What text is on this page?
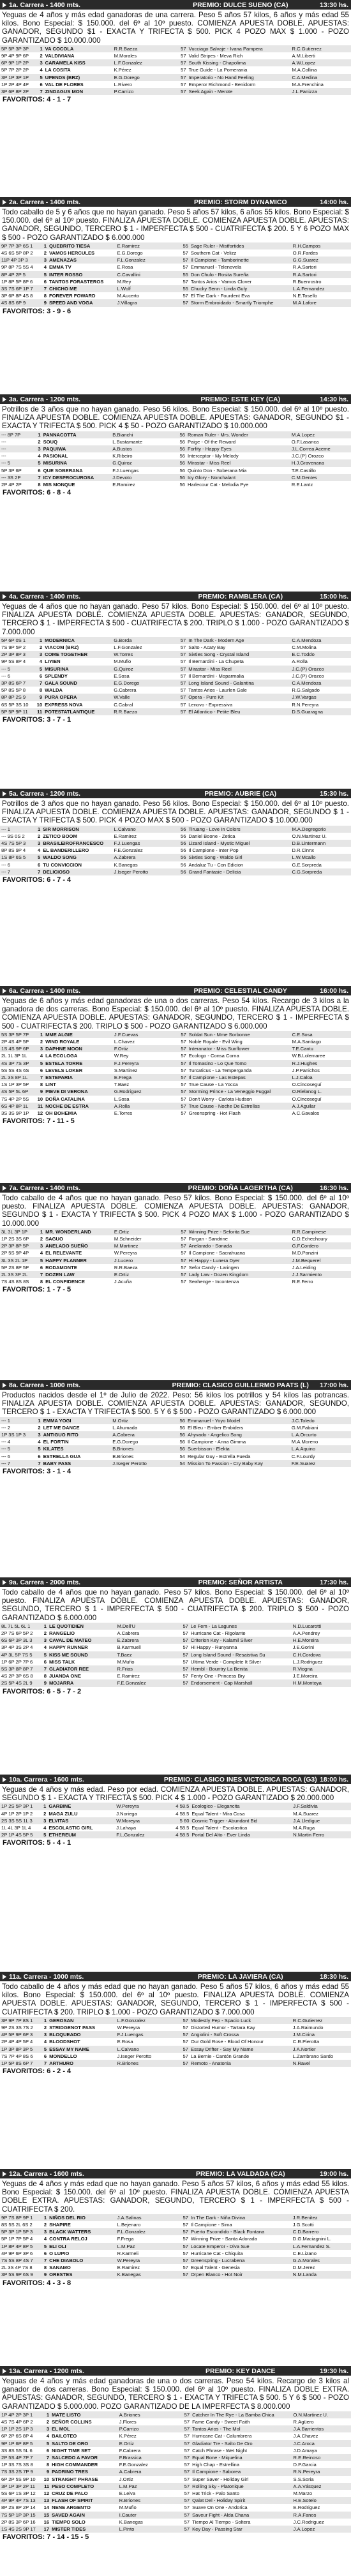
1a. Carrera - 1400 mts.	PREMIO: DULCE SUENO (CA)	13:30 hs.
Yeguas de 4 años y más edad ganadoras de una carrera. Peso 5 años 57 kilos, 6 años y más edad 55 kilos. Bono Especial: $ 150.000. del 6º al 10º puesto. COMIENZA APUESTA DOBLE. APUESTAS: GANADOR, SEGUNDO $1 - EXACTA Y TRIFECTA $ 500. PICK 4 POZO MAX $ 1.000 - POZO GARANTIZADO $ 10.000.000
5P 5P 3P 3P	1	VA COCOLA	R.R.Baeza	57	Vucciago Salvaje - Ivana Pampera	R.C.Gutierrez
9P 4P 9P 6P	2	VALDIVIANA	M.Morales	57	Valid Stripes - Meva Rich	A.M.Liberti
6P 9P 1P 2P	3	CARAMELA KISS	L.F.Gonzalez	57	South Kissing - Chapolima	A.W.Lopez
5P 7P 2P 2P	4	LA COSITA	K.Pérez	57	True Guide - La Pomerania	M.A.Collina
3P 1P 3P 1P	5	UPENDS (BRZ)	E.G.Dorego	57	Imperatorio - No Hand Feeling	C.A.Medina
1P 2P 4P 4P	6	VAL DE FLORES	L.Rivero	57	Emperor Richmond - Benidorm	M.A.Frenchina
3P 6P 8P 2P	7	ZINDAGUS MON	P.Carrizo	57	Seek Again - Merote	J.L.Panizza
FAVORITOS: 4 - 1 - 7
2a. Carrera - 1400 mts.	PREMIO: STORM DYNAMICO	14:00 hs.
Todo caballo de 5 y 6 años que no hayan ganado. Peso 5 años 57 kilos, 6 años 55 kilos. Bono Especial: $ 150.000. del 6º al 10º puesto. FINALIZA APUESTA DOBLE. COMIENZA APUESTA DOBLE. APUESTAS: GANADOR, SEGUNDO, TERCERO $ 1 - IMPERFECTA $ 500 - CUATRIFECTA $ 200. 5 Y 6 POZO MAX $ 500 - POZO GARANTIZADO $ 6.000.000
9P 7P 3P 6S 1	1	QUEBRITO TIESA	E.Ramirez	55	Sage Ruler - Mistfortides	R.H.Campos
4S 6S 5P 8P 2	2	VAMOS HERCULES	E.G.Dorego	57	Southern Cat - Velizz	O.R.Fardes
11P 4P 3P 3	3	AMENAZAS	F.L.Gonzalez	57	Il Campione - Tamborinette	G.G.Suarez
9P 8P 7S 5S 4	4	EMMA TV	E.Rosa	57	Emmanuel - Telenovela	R.A.Sartori
8P 4P 2P 5	5	INTER ROSSO	C.Cavallini	55	Don Chulo - Rosita Sureña	R.A.Sartori
1P 8P 5P 8P 6	6	TANTOS FORASTEROS	M.Rey	57	Tantos Arios - Vamos Clover	R.Buenrostro
3S 7S 6P 1P 7	7	CHICHO ME	L.Wolf	55	Chucky Senn - Linda Guly	L.A.Fernandez
3P 6P 8P 4S 8	8	FOREVER FOWARD	M.Aucerto	57	El The Dark - Fourdent Eva	N.E.Tosello
4S 8S 6P 9	9	SPEED AND VOGA	J.Villagra	57	Storm Embroidado - Smartly Triomphe	M.A.Lafore
FAVORITOS: 3 - 9 - 6
3a. Carrera - 1200 mts.	PREMIO: ESTE KEY (CA)	14:30 hs.
Potrillos de 3 años que no hayan ganado. Peso 56 kilos. Bono Especial: $ 150.000. del 6º al 10º puesto. FINALIZA APUESTA DOBLE. COMIENZA APUESTA DOBLE. APUESTAS: GANADOR, SEGUNDO $1 - EXACTA Y TRIFECTA $ 500. PICK 4 $ 50 - POZO GARANTIZADO $ 10.000.000
--- 8P 7P	1	PANNACOTTA	B.Bianchi	56	Roman Ruler - Mrs. Wonder	M.A.Lopez
---	2	SOUQ	L.Bustamante	56	Paige - Of the Reward	O.F.Lasanca
---	3	PAQUIWA	A.Bustos	56	Forfity - Happy Eyes	J.L.Correa Aceme
---	4	PASIONAL	K.Ribeiro	56	Interceptor - My Melody	J.C.(P) Orozco
--- 5	5	MISURINA	G.Quiroz	56	Mirastar - Miss Reel	H.J.Gravenana
5P 3P 6P	6	QUE SOBERANA	F.J.Luengas	56	Quinto Don - Soberana Mia	T.E.Castillo
--- 3S 2P	7	ICY DESPROCUROSA	J.Devoto	56	Icy Glory - Nonchalant	C.M.Dentes
2P 4P 2P	8	MIS MONQUE	E.Ramirez	56	Harlecour Cat - Melodia Pye	R.E.Lantz
FAVORITOS: 6 - 8 - 4
4a. Carrera - 1400 mts.	PREMIO: RAMBLERA (CA)	15:00 hs.
Yeguas de 4 años que no hayan ganado. Peso 57 kilos. Bono Especial: $ 150.000. del 6º al 10º puesto. FINALIZA APUESTA DOBLE. COMIENZA APUESTA DOBLE. APUESTAS: GANADOR, SEGUNDO, TERCERO $ 1 - IMPERFECTA $ 500 - CUATRIFECTA $ 200. TRIPLO $ 1.000 - POZO GARANTIZADO $ 7.000.000
5P 6P 0S 1	1	MODERNICA	G.Borda	57	In The Dark - Modern Age	C.A.Mendoza
7S 9P 5P 2	2	VIACOM (BRZ)	L.F.Gonzalez	57	Salto - Acaty Bay	C.M.Molina
2P 3P 8P 3	3	COME TOGETHER	W.Torres	57	Sixties Song - Crystal Island	E.C.Toddo
9P 5S 8P 4	4	LIYIEN	M.Mufio	57	Il Bernardini - La Chupeta	A.Rolla
--- 5	5	MISURINA	G.Quiroz	57	Mirastar - Miss Reel	J.C.(P) Orozco
--- 6	6	SPLENDY	E.Sosa	57	Il Bernardini - Moparmalia	J.C.(P) Orozco
3P 8S 6P 7	7	GALA SOUND	E.G.Dorego	57	Long Island Sound - Galantina	C.A.Mendoza
5P 8S 5P 8	8	WALDA	G.Cabrera	57	Tantos Arios - Laurlen Gale	R.G.Salgado
8P 8P 2S 9	9	PURA OPERA	W.Valle	57	Opera - Pure Kit	J.W.Vargas
6S 5P 3S 10	10	EXPRESS NOVA	C.Cabral	57	Lenovo - Expressiva	R.N.Pereyra
5P 5P 9P 11	11	POTESTATLANTIQUE	R.R.Baeza	57	El Atlantico - Petite Bleu	D.S.Guaragna
FAVORITOS: 3 - 7 - 1
5a. Carrera - 1200 mts.	PREMIO: AUBRIE (CA)	15:30 hs.
Potrillos de 3 años que no hayan ganado. Peso 56 kilos. Bono Especial: $ 150.000. del 6º al 10º puesto. FINALIZA APUESTA DOBLE. COMIENZA APUESTA DOBLE. APUESTAS: GANADOR, SEGUNDO $ 1 - EXACTA Y TRIFECTA $ 500. PICK 4 POZO MAX $ 500 - POZO GARANTIZADO $ 10.000.000
--- 1	1	SIR MORRISON	L.Calvano	56	Tiruang - Love In Colors	M.A.Degregorio
--- 9S 0S 2	2	ZETICO BOOM	E.Ramirez	56	Daniel Boone - Zetica	O.N.Martinez U.
4S 7S 5P 3	3	BRASILEIROFRANCESCO	F.J.Luengas	56	Lizard Island - Mystic Miguel	D.B.Lintermann
8P 8S 9P 4	4	EL BANDERILLERO	F.E.Gonzalez	56	Il Campione - Inter Pop	D.R.Cinnx
1S 8P 6S 5	5	WALDO SONG	A.Zabrera	56	Sixties Song - Waldo Girl	L.W.Mcallo
--- 6	6	TU CONVICCION	K.Banegas	56	Andaluz Tu - Con Edicion	G.E.Sorpreda
--- 7	7	DELICIOSO	J.Iseger Perotto	56	Grand Fantasie - Delicia	C.G.Sorpreda
FAVORITOS: 6 - 7 - 4
6a. Carrera - 1400 mts.	PREMIO: CELESTIAL CANDY	16:00 hs.
Yeguas de 6 años y más edad ganadoras de una o dos carreras. Peso 54 kilos. Recargo de 3 kilos a la ganadora de dos carreras. Bono Especial: $ 150.000. del 6º al 10º puesto. FINALIZA APUESTA DOBLE. COMIENZA APUESTA DOBLE. APUESTAS: GANADOR, SEGUNDO, TERCERO $ 1 - IMPERFECTA $ 500 - CUATRIFECTA $ 200. TRIPLO $ 500 - POZO GARANTIZADO $ 6.000.000
5S 3P 5P 7P	1	MME ALGIE	J.F.Cuevas	57	Soldat Sun - Mme Sorbonne	C.E.Sosa
2P 4S 4P 5P	2	WIND ROYALE	L.Chavez	57	Noble Royale - Evil Wing	M.A.Santiago
1S 4S 9P 6P	3	DAPHNE MOON	F.Ortiz	57	Interanator - Miss Sunflower	T.E.Cantu
2L 1L 3P 1L	4	LA ECOLOGA	W.Rey	57	Ecologo - Consa Corna	W.B.Lolemaree
4S 3P 7S 3P	5	ESTELA TORRE	F.J.Pereyra	57	Il Tomasino - Lo Que Tomo	R.J.Hughes
5S 5S 4S 6S	6	LEVELS LOKER	S.Martinez	57	Turcaticus - La Temperganda	J.P.Panichos
2L 3S 8P 1L	7	ESTEPARIA	E.Frega	57	Il Campione - Las Estepas	L.J.Caloa
1S 1P 3P 5P	8	LINT	T.Baez	57	True Cause - La Yocca	O.Cincoseguí
4S 5P 5L 6P	9	PIEVE DI VERONA	G.Rodriguez	57	Storming Prince - La Veneggio Fuggal	O.Rielanog L.
7S 4P 2P 5S	10	DOÑA CATALINA	L.Sosa	57	Don't Worry - Carlota Hudson	O.Cincoseguí
6S 4P 8P 1L	11	NOCHE DE ESTRA	A.Rolla	57	True Cause - Noche De Estrellas	A.J.Aguilar
3S 3S 9P 1P	12	OH BOHEMIA	E.Torres	57	Greenspring - Hot Flash	A.C.Gavalos
FAVORITOS: 7 - 11 - 5
7a. Carrera - 1400 mts.	PREMIO: DOÑA LAGERTHA (CA)	16:30 hs.
Todo caballo de 4 años que no hayan ganado. Peso 57 kilos. Bono Especial: $ 150.000. del 6º al 10º puesto. FINALIZA APUESTA DOBLE. COMIENZA APUESTA DOBLE. APUESTAS: GANADOR, SEGUNDO $ 1 - EXACTA Y TRIFECTA $ 500. PICK 4 POZO MAX $ 1.000 - POZO GARANTIZADO $ 10.000.000
3L 3L 3P 1P	1	MR. WONDERLAND	E.Ortiz	57	Winning Prize - Seforita Sue	R.R.Campinese
1P 2S 3S 6P	2	SAGUO	M.Schneider	57	Forgan - Sandrine	C.D.Echechoury
2P 3P 8P 5P	3	ANELADO SUEÑO	M.Martinez	57	Anelarado - Sonada	G.F.Cordero
2P 5S 9P 4P	4	EL RELEVANTE	W.Pereyra	57	Il Campione - Sacrahuana	M.D.Panzini
3L 3S 2L 1P	5	HAPPY PLANNER	J.Lucero	57	Hi Happy - Lunera Dyer	J.M.Bequerel
5P 2S 8P 5P	6	RODAMONTE	R.R.Baeza	57	Sefor Candy - Laringen	J.A.Leiding
2L 3S 3P 2L	7	DOZEN LAW	E.Ortiz	57	Lady Law - Dozen Kingdom	J.J.Sarmiento
7S 4S 8S 8S	8	EL CONFIDENCE	J.Acuña	57	Seahenge - Incontenza	R.E.Ferro
FAVORITOS: 1 - 7 - 5
8a. Carrera - 1000 mts.	PREMIO: CLASICO GUILLERMO PAATS (L)	17:00 hs.
Productos nacidos desde el 1º de Julio de 2022. Peso: 56 kilos los potrillos y 54 kilos las potrancas. FINALIZA APUESTA DOBLE. COMIENZA APUESTA DOBLE. APUESTAS: GANADOR, SEGUNDO, TERCERO $ 1 - EXACTA Y TRIFECTA $ 500. 5 Y 6 $ 500 - POZO GARANTIZADO $ 6.000.000
--- 1	1	EMMA YOGI	M.Ortiz	56	Emmanuel - Yoyo Model	J.C.Toledo
--- 2	2	LET ME DANCE	L.Ahumada	56	El Bleu - Ember Embiders	G.M.Fabiani
1P 3S 1P 3	3	ANTIGUO RITO	A.Cabrera	56	Ahyvado - Angelico Song	L.A.Orcurto
--- 4	4	EL FORTIN	E.G.Dorego	56	Il Campione - Anna Gimma	M.A.Moreno
--- 5	5	KILATES	B.Briones	56	Suerbisson - Elekta	L.A.Aquino
--- 6	6	ESTRELLA GUA	B.Briones	54	Regular Guy - Estrella Fueda	C.F.Lourdy
--- 7	7	BABY PASS	J.Iseger Perotto	54	Mission To Passion - Cry Baby Kay	F.E.Suarez
FAVORITOS: 3 - 1 - 4
9a. Carrera - 2000 mts.	PREMIO: SEÑOR ARTISTA	17:30 hs.
Todo caballo de 4 años que no hayan ganado. Peso 57 kilos. Bono Especial: $ 150.000. del 6º al 10º puesto. FINALIZA APUESTA DOBLE. COMIENZA APUESTA DOBLE. APUESTAS: GANADOR, SEGUNDO, TERCERO $ 1 - IMPERFECTA $ 500 - CUATRIFECTA $ 200. TRIPLO $ 500 - POZO GARANTIZADO $ 6.000.000
8L 7L 5L 6L 1	1	LE QUOTIDIEN	M.Dell'U	57	Le Fem - La Lagunes	N.D.Lucarotti
2P 7S 6P 5P 2	2	RANGELIO	A.Cabrera	57	Hurricane Cat - Rigolante	A.A.Pendrey
6S 6P 3P 3L 3	3	CAVAL DE MATEO	E.Zabrera	57	Criterion Key - Kalamil Silver	H.E.Moreira
3P 4P 3S 2P 4	4	HAPPY RUNNER	B.Karmuell	57	Hi Happy - Runyanna	J.E.Gorini
4P 3L 5P 7S 5	5	KISS ME SOUND	T.Baez	57	Long Island Sound - Resaistiva Su	C.H.Cordova
1P 6P 2P 7P 6	6	MISS TALK	M.Mufio	57	Ultima Verde - Complete It Silver	L.J.Rodriguez
5S 3P 8P 8P 7	7	GLADIATOR REE	R.Frias	57	Hembl - Bountry La Benita	R.Viogna
4S 2P 3P 6S 8	8	JUANDA ONE	E.Ramirez	57	Fenty One - Princess Bry	J.E.Moreira
2S 5P 4S 2L 9	9	MOJARRA	F.E.Gonzalez	57	Endorsement - Cap Marshall	H.M.Montoya
FAVORITOS: 6 - 5 - 7 - 2
10a. Carrera - 1600 mts.	PREMIO: CLASICO INES VICTORICA ROCA (G3) 18:00 hs.
Yeguas de 4 años y más edad. Peso por edad. COMIENZA APUESTA DOBLE. APUESTAS: GANADOR, SEGUNDO $ 1 - EXACTA Y TRIFECTA $ 500. PICK 4 $ 1.000 - POZO GARANTIZADO $ 20.000.000
1P 2S 5P 3P 1	1	GARBINE	W.Pereyra	4 58.5	Ecologico - Elegancita	J.F.Saldivia
4P 1P 2P 1P 2	2	MAGA ZULU	J.Noriega	4 58.5	Equal Talent - Mira Cosa	M.A.Suarez
2S 3S 5S 1L 3	3	ELVITAS	W.Moreyra	5 60	Cosmic Trigger - Abundant Bid	J.A.Lledigue
1L 4L 3P 1L 4	4	ESCOLASTIC GIRL	J.Lahaya	4 58.5	Equal Talent - Escolastica	M.A.Ruga
2P 1P 4S 5P 5	5	ETHEREUM	F.L.Gonzalez	4 58.5	Portal Del Alto - Ever Linda	N.Martin Ferro
FAVORITOS: 5 - 4 - 1
11a. Carrera - 1000 mts.	PREMIO: LA JAVIERA (CA)	18:30 hs.
Todo caballo de 4 años y más edad que no hayan ganado. Peso 5 años 57 kilos, 6 años y más edad 55 kilos. Bono Especial: $ 150.000. del 6º al 10º puesto. FINALIZA APUESTA DOBLE. COMIENZA APUESTA DOBLE. APUESTAS: GANADOR, SEGUNDO, TERCERO $ 1 - IMPERFECTA $ 500 - CUATRIFECTA $ 200. TRIPLO $ 1.000 - POZO GARANTIZADO $ 7.000.000
3P 9P 7P 8S 1	1	GEROSAN	L.F.Gonzalez	57	Modestly Pep - Spacio Luck	R.C.Gutierrez
9P 2S 3S 7S 2	2	STRIDGENOT PASS	W.Pereyra	57	Distorted Humor - Tartara Kay	J.A.Raimundo
4P 5P 9P 6P 3	3	BLOQUEADO	F.J.Luengas	57	Angiolini - Soft Crossa	J.M.Cirina
2P 4P 4P 5P 4	4	BLOODSHOT	E.Rosa	57	Our Gold Rose - Blood Of Honour	C.R.Pierotta
1P 3P 8P 3P 5	5	ESSAY MY NAME	L.Calvano	57	Essay Drifter - Say My Name	J.A.Nortier
7S 7P 4P 8S 6	6	MONDELLO	J.Iseger Perotto	57	La Bernie - Cantón Grande	L.Zambrano Sardo
1P 5P 8S 6P 7	7	ARTHURO	R.Briones	57	Remoto - Anatonia	N.Ravel
FAVORITOS: 6 - 2 - 4
12a. Carrera - 1600 mts.	PREMIO: LA VALDADA (CA)	19:00 hs.
Yeguas de 4 años y más edad que no hayan ganado. Peso 5 años 57 kilos, 6 años y más edad 55 kilos. Bono Especial: $ 150.000. del 6º al 10º puesto. FINALIZA APUESTA DOBLE. COMIENZA APUESTA DOBLE EXTRA. APUESTAS: GANADOR, SEGUNDO, TERCERO $ 1 - IMPERFECTA $ 500 - CUATRIFECTA $ 200.
9P 7S 8P 9P 1	1	NIÑOS DEL RIO	J.A.Salinas	57	In The Dark - Niña Divina	J.R.Benitez
8S 5S 2L 6S 2	2	SHAPIRE	L.Bejenaro	57	Il Campione - Sima	J.G.Scotti
5P 3P 1P 5P 3	3	BLACK WATTERS	F.L.Gonzalez	57	Puerto Escondido - Black Fontana	C.D.Barrero
5P 1P 7P 5P 4	4	CONTRA RELOJ	F.Frega	57	Winning Prize - Santa Adorada	D.G.Maciagnini L.
1P 8P 4P 8P 5	5	ELI OLI	L.M.Paz	57	Locate Emperor - Diva Sue	L.A.Fernandez S.
4P 9P 6P 3P 6	6	O LUPIO	R.Karmeli	57	Hurricane Cat - Chiquita	C.E.Lizano
7S 5S 8P 4S 7	7	CHE DIABOLO	W.Pereyra	57	Greenspring - Lucrabena	G.A.Morales
2L 3S 4P 7S 8	8	SANAMO	E.Ramirez	57	Equal Talent - Genesia	D.M.Jerez
3P 5S 9P 6S 9	9	ORESTES	K.Banegas	57	Orpen Blanco - Hot Noir	N.M.Landa
FAVORITOS: 4 - 3 - 8
13a. Carrera - 1200 mts.	PREMIO: KEY DANCE	19:30 hs.
Yeguas de 4 años y más edad ganadoras de una o dos carreras. Peso 54 kilos. Recargo de 3 kilos al ganador de dos carreras. Bono Especial: $ 150.000. del 6º al 10º puesto. FINALIZA DOBLE EXTRA. APUESTAS: GANADOR, SEGUNDO, TERCERO $ 1 - EXACTA Y TRIFECTA $ 500. 5 Y 6 $ 500 - POZO GARANTIZADO $ 5.000.000. POZO GARANTIZADO DE LA IMPERFECTA $ 8.000.000
1P 4P 2P 3P 1	1	MATE LISTO	A.Briones	57	Catcher In The Rye - La Bamba Chica	O.N.Martinez U.
4S 7S 4P 6P 2	2	SEÑOR COLLINS	J.Flores	57	Fame Candy - Sweet Faith	R.Agüero
1P 1P 2S 1P 3	3	EL MOL	P.Carrizo	57	Tantos Arios - The Mol	J.A.Barrientos
6P 2P 6S 8P 4	4	BAILOTEO	K.Pérez	57	Hurricane Cat - Calumbrera	J.A.Chavez
9P 1P 6P 8P 5	5	SALTO DE ORO	E.Ortiz	57	Gladiator Tre - Salto De Oro	J.C.Aroca
3S 8S 5S 5L 6	6	NIGHT TIME SET	F.Cabrera	57	Catch Phrase - Wet Night	J.D.Amaya
2P 5S 4P 7P 7	7	SALCEDO A FAVOR	F.Brassica	57	Equal Bone - Miquelina	R.E.Reinoso
1P 3S 7S 3S 8	8	HIGH COMMANDER	F.E.Gonzalez	57	High Chap - Estrellina	D.P.Garcia
7S 3S 2S 7P 9	9	PADRINO TRES	A.Cabrera	57	Il Campione - Saborea	R.N.Pereyra
6P 2P 5S 9P 10	10	STRAIGHT PHRASE	J.Ortiz	57	Super Saver - Holiday Girl	S.S.Soria
3P 1P 3P 2P 11	11	PESO COMPLETO	L.M.Paz	57	Rolling Sky - Platonique	A.A.Vásquez
5S 6P 1S 3P 12	12	CRUZ DE PALO	E.Leiva	57	Hat Trick - Palo Santo	M.Marzo
4P 9P 4P 7S 13	13	FLASH OF SPIRIT	R.Briones	57	Qalat Del - Holiday Spirit	H.E.Sotelo
8P 2S 8P 2P 14	14	NENE ARGENTO	M.Mufio	57	Suave On One - Andorica	E.Rodriguez
7S 5P 1P 3P 15	15	SAVED AGAIN	I.Cauter	57	Saveur Fight - Alda Chana	R.A.Fanos
2P 8S 3P 6P 16	16	TIEMPO SOLO	K.Banegas	57	Tiempo Al Tiempo - Soltera	J.C.Rodriguez
1S 4S 2S 9P 17	17	MISTER TIDES	L.Pinto	57	Key Day - Passing Star	J.A.Lopez
FAVORITOS: 7 - 14 - 15 - 5
